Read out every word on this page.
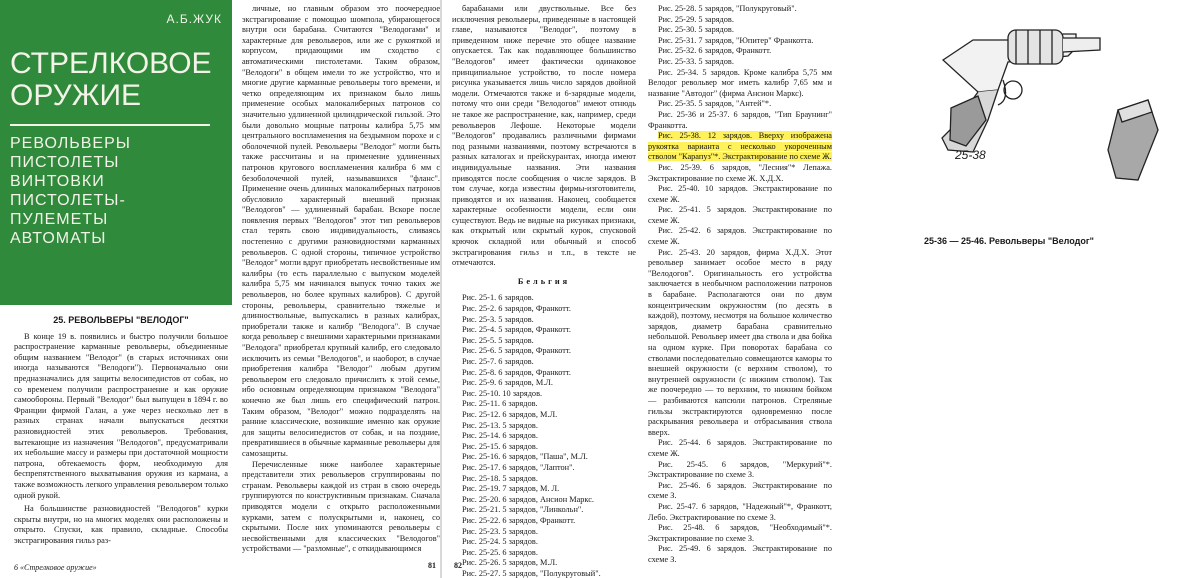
А.Б.ЖУК
СТРЕЛКОВОЕ
ОРУЖИЕ
РЕВОЛЬВЕРЫ
ПИСТОЛЕТЫ
ВИНТОВКИ
ПИСТОЛЕТЫ-
ПУЛЕМЕТЫ
АВТОМАТЫ
25. РЕВОЛЬВЕРЫ "ВЕЛОДОГ"

В конце 19 в. появились и быстро получили большое распространение карманные револьверы, объединенные общим названием "Велодог" (в старых источниках они иногда называются "Велодоги"). Первоначально они предназначались для защиты велосипедистов от собак, но со временем получили распространение и как оружие самообороны. Первый "Велодог" был выпущен в 1894 г. во Франции фирмой Галан, а уже через несколько лет в разных странах начали выпускаться десятки разновидностей этих револьверов. Требования, вытекающие из назначения "Велодогов", предусматривали их небольшие массу и размеры при достаточной мощности патрона, обтекаемость форм, необходимую для беспрепятственного выхватывания оружия из кармана, а также возможность легкого управления револьвером только одной рукой.

На большинстве разновидностей "Велодогов" курки скрыты внутри, но на многих моделях они расположены и открыто. Спуски, как правило, складные. Способы экстрагирования гильз раз-

6 «Стрелковое оружие»

личные, но главным образом это поочередное экстрагирование с помощью шомпола, убирающегося внутри оси барабана. Считаются "Велодогами" и характерные для револьверов, или же с рукояткой и корпусом, придающими им сходство с автоматическими пистолетами. Таким образом, "Велодоги" в общем имели то же устройство, что и многие другие карманные револьверы того времени, и четко определяющим их признаком было лишь применение особых малокалиберных патронов со значительно удлиненной цилиндрической гильзой. Это были довольно мощные патроны калибра 5,75 мм центрального воспламенения на бездымном порохе и с оболочечной пулей. Револьверы "Велодог" могли быть также рассчитаны и на применение удлиненных патронов кругового воспламенения калибра 6 мм с безоболочечной пулей, называвшихся "фланс". Применение очень длинных малокалиберных патронов обусловило характерный внешний признак "Велодогов" — удлиненный барабан. Вскоре после появления первых "Велодогов" этот тип револьверов стал терять свою индивидуальность, сливаясь постепенно с другими разновидностями карманных револьверов. С одной стороны, типичное устройство "Велодог" могли вдруг приобретать несвойственные им калибры (то есть параллельно с выпуском моделей калибра 5,75 мм начинался выпуск точно таких же револьверов, но более крупных калибров). С другой стороны, револьверы, сравнительно тяжелые и длинноствольные, выпускались в разных калибрах, приобретали также и калибр "Велодога". В случае когда револьвер с внешними характерными признаками "Велодога" приобретал крупный калибр, его следовало исключить из семьи "Велодогов", и наоборот, в случае приобретения калибра "Велодог" любым другим револьвером его следовало причислить к этой семье, ибо основным определяющим признаком "Велодога" конечно же был лишь его специфический патрон. Таким образом, "Велодог" можно подразделять на ранние классические, возникшие именно как оружие для защиты велосипедистов от собак, и на поздние, превратившиеся в обычные карманные револьверы для самозащиты.

Перечисленные ниже наиболее характерные представители этих револьверов сгруппированы по странам. Револьверы каждой из стран в свою очередь группируются по конструктивным признакам. Сначала приводятся модели с открыто расположенными курками, затем с полускрытыми и, наконец, со скрытыми. После них упоминаются револьверы с несвойственными для классических "Велодогов" устройствами — "разломные", с откидывающимся

81

барабанами или двуствольные. Все без исключения револьверы, приведенные в настоящей главе, называются "Велодог", поэтому в приведенном ниже перечне это общее название опускается. Так как подавляющее большинство "Велодогов" имеет фактически одинаковое принципиальное устройство, то после номера рисунка указывается лишь число зарядов двойной модели. Отмечаются также и 6-зарядные модели, потому что они среди "Велодогов" имеют отнюдь не такое же распространение, как, например, среди револьверов Лефоше. Некоторые модели "Велодогов" продавались различными фирмами под разными названиями, поэтому встречаются в разных каталогах и прейскурантах, иногда имеют индивидуальные названия. Эти названия приводятся после сообщения о числе зарядов. В том случае, когда известны фирмы-изготовители, приводятся и их названия. Наконец, сообщается характерные особенности модели, если они существуют. Ведь не видные на рисунках признаки, как открытый или скрытый курок, спусковой крючок складной или обычный и способ экстрагирования гильз и т.п., в тексте не отмечаются.

Бельгия

Рис. 25-1. 6 зарядов.

Рис. 25-2. 6 зарядов, Франкотт.

Рис. 25-3. 5 зарядов.

Рис. 25-4. 5 зарядов, Франкотт.

Рис. 25-5. 5 зарядов.

Рис. 25-6. 5 зарядов, Франкотт.

Рис. 25-7. 6 зарядов.

Рис. 25-8. 6 зарядов, Франкотт.

Рис. 25-9. 6 зарядов, М.Л.

Рис. 25-10. 10 зарядов.

Рис. 25-11. 6 зарядов.

Рис. 25-12. 6 зарядов, М.Л.

Рис. 25-13. 5 зарядов.

Рис. 25-14. 6 зарядов.

Рис. 25-15. 6 зарядов.

Рис. 25-16. 6 зарядов, "Паша", М.Л.

Рис. 25-17. 6 зарядов, "Лаптон".

Рис. 25-18. 5 зарядов.

Рис. 25-19. 7 зарядов, М. Л.

Рис. 25-20. 6 зарядов, Ансион Маркс.

Рис. 25-21. 5 зарядов, "Линкольн".

Рис. 25-22. 6 зарядов, Франкотт.

Рис. 25-23. 5 зарядов.

Рис. 25-24. 5 зарядов.

Рис. 25-25. 6 зарядов.

Рис. 25-26. 5 зарядов, М.Л.

Рис. 25-27. 5 зарядов, "Полукруговый".

82

Рис. 25-28. 5 зарядов, "Полукруговый".

Рис. 25-29. 5 зарядов.

Рис. 25-30. 5 зарядов.

Рис. 25-31. 7 зарядов, "Юпитер" Франкотта.

Рис. 25-32. 6 зарядов, Франкотт.

Рис. 25-33. 5 зарядов.

Рис. 25-34. 5 зарядов. Кроме калибра 5,75 мм Велодог револьвер мог иметь калибр 7,65 мм и название "Автодог" (фирма Ансион Маркс).

Рис. 25-35. 5 зарядов, "Антей"*.

Рис. 25-36 и 25-37. 6 зарядов, "Тип Браунинг" Франкотта.

Рис. 25-38. 12 зарядов. Вверху изображена рукоятка варианта с несколько укороченным стволом "Карапуз"*. Экстрактирование по схеме Ж.

Рис. 25-39. 6 зарядов, "Лесния"* Лепажа. Экстрактирование по схеме Ж. Х.Д.Х.

Рис. 25-40. 10 зарядов. Экстрактирование по схеме Ж.

Рис. 25-41. 5 зарядов. Экстрактирование по схеме Ж.

Рис. 25-42. 6 зарядов. Экстрактирование по схеме Ж.

Рис. 25-43. 20 зарядов, фирма Х.Д.Х. Этот револьвер занимает особое место в ряду "Велодогов". Оригинальность его устройства заключается в необычном расположении патронов в барабане. Располагаются они по двум концентрическим окружностям (по десять в каждой), поэтому, несмотря на большое количество зарядов, диаметр барабана сравнительно небольшой. Револьвер имеет два ствола и два бойка на одном курке. При поворотах барабана со стволами последовательно совмещаются каморы то внешней окружности (с верхним стволом), то внутренней окружности (с нижним стволом). Так же поочередно — то верхним, то нижним бойком — разбиваются капсюли патронов. Стреляные гильзы экстрактируются одновременно после раскрывания револьвера и отбрасывания ствола вверх.

Рис. 25-44. 6 зарядов. Экстрактирование по схеме Ж.

Рис. 25-45. 6 зарядов, "Меркурий"*. Экстрактирование по схеме З.

Рис. 25-46. 6 зарядов. Экстрактирование по схеме З.

Рис. 25-47. 6 зарядов, "Надежный"*, Франкотт, Лебо. Экстрактирование по схеме З.

Рис. 25-48. 6 зарядов, "Необходимый"*. Экстрактирование по схеме З.

Рис. 25-49. 6 зарядов. Экстрактирование по схеме З.

25-38
25-36 — 25-46. Револьверы "Велодог"
